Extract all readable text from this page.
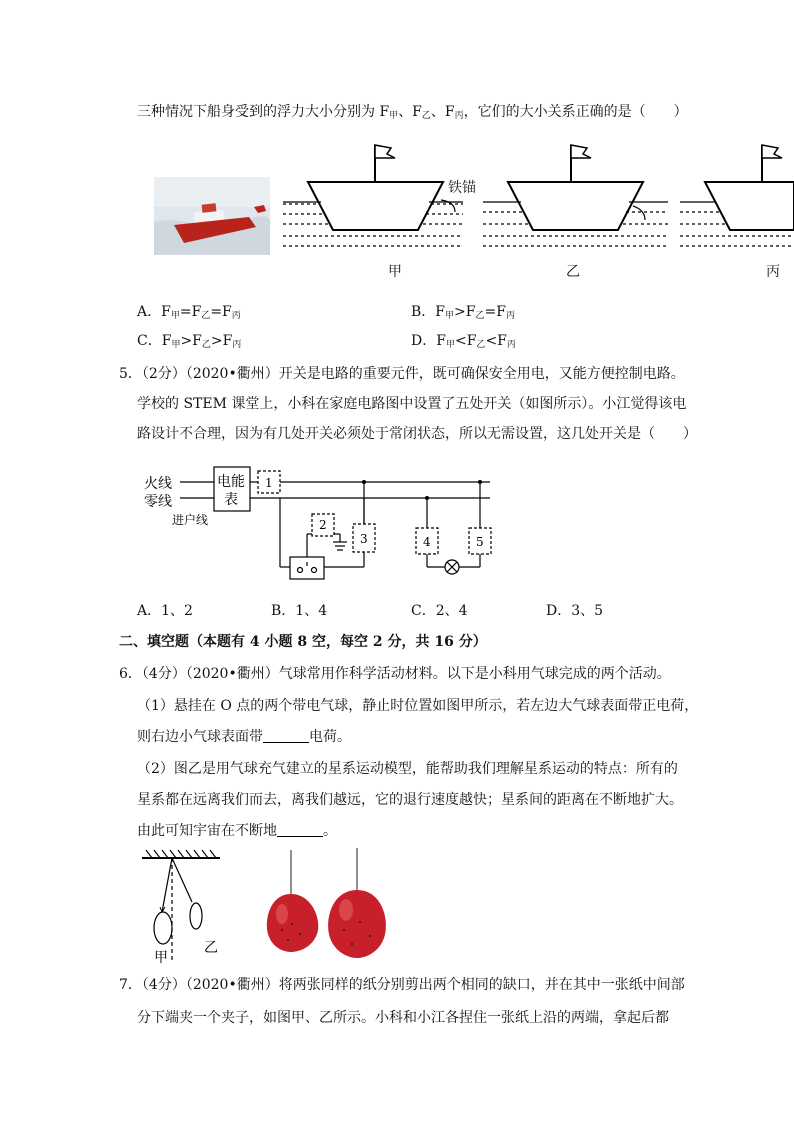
三种情况下船身受到的浮力大小分别为 $F_甲$、$F_乙$、$F_丙$，它们的大小关系正确的是（　　）
铁锚
甲	乙	丙
A．$F_甲=F_乙=F_丙$	B．$F_甲>F_乙=F_丙$
C．$F_甲>F_乙>F_丙$	D．$F_甲<F_乙<F_丙$
5．（2分）（2020•衢州）开关是电路的重要元件，既可确保安全用电，又能方便控制电路。
学校的 STEM 课堂上，小科在家庭电路图中设置了五处开关（如图所示）。小江觉得该电
路设计不合理，因为有几处开关必须处于常闭状态，所以无需设置，这几处开关是（　　）
火线
零线
电能
表
进户线
1
2
3	4	5
A．1、2	B．1、4	C．2、4	D．3、5
二、填空题（本题有 4 小题 8 空，每空 2 分，共 16 分）
6．（4分）（2020•衢州）气球常用作科学活动材料。以下是小科用气球完成的两个活动。
（1）悬挂在 O 点的两个带电气球，静止时位置如图甲所示，若左边大气球表面带正电荷，
则右边小气球表面带	电荷。
（2）图乙是用气球充气建立的星系运动模型，能帮助我们理解星系运动的特点：所有的
星系都在远离我们而去，离我们越远，它的退行速度越快；星系间的距离在不断地扩大。
由此可知宇宙在不断地	。
甲
乙
7．（4分）（2020•衢州）将两张同样的纸分别剪出两个相同的缺口，并在其中一张纸中间部
分下端夹一个夹子，如图甲、乙所示。小科和小江各捏住一张纸上沿的两端，拿起后都
